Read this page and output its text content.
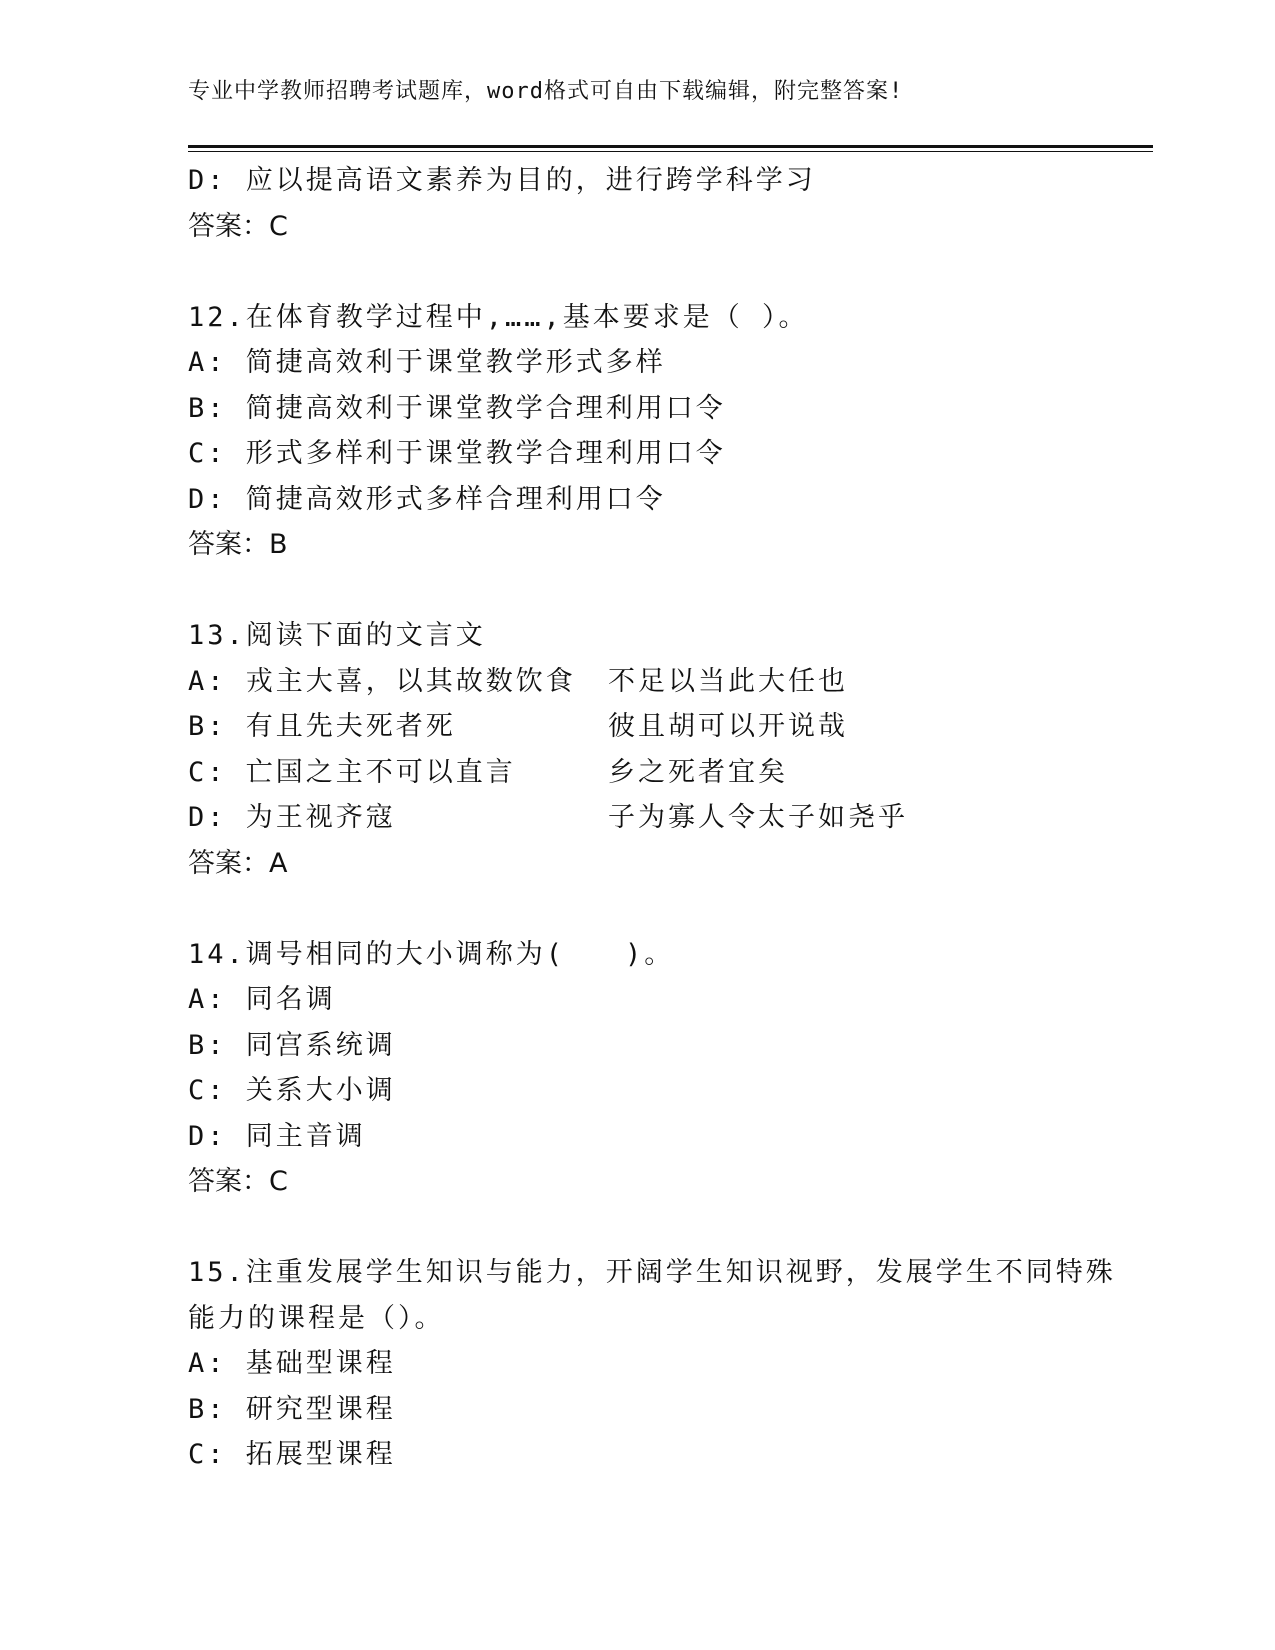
专业中学教师招聘考试题库，word格式可自由下载编辑，附完整答案!
D: 应以提高语文素养为目的，进行跨学科学习
答案：C
12.在体育教学过程中,……,基本要求是（ ）。
A: 简捷高效利于课堂教学形式多样
B: 简捷高效利于课堂教学合理利用口令
C: 形式多样利于课堂教学合理利用口令
D: 简捷高效形式多样合理利用口令
答案：B
13.阅读下面的文言文
A: 戎主大喜，以其故数饮食 不足以当此大任也
B: 有且先夫死者死	彼且胡可以开说哉
C: 亡国之主不可以直言	乡之死者宜矣
D: 为王视齐寇	子为寡人令太子如尧乎
答案：A
14.调号相同的大小调称为(　　)。
A: 同名调
B: 同宫系统调
C: 关系大小调
D: 同主音调
答案：C
15.注重发展学生知识与能力，开阔学生知识视野，发展学生不同特殊
能力的课程是（）。
A: 基础型课程
B: 研究型课程
C: 拓展型课程
